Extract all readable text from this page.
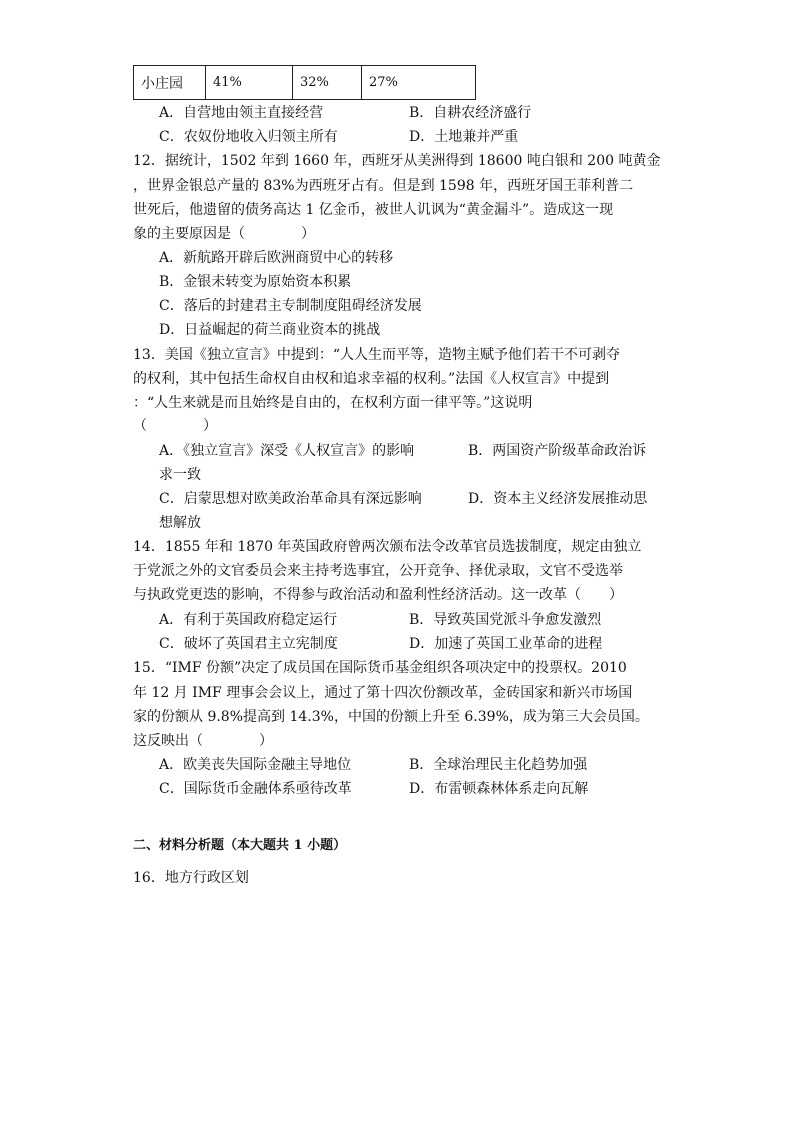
小庄园	41%	32%	27%
A．自营地由领主直接经营	B．自耕农经济盛行
C．农奴份地收入归领主所有	D．土地兼并严重
12．据统计，1502 年到 1660 年，西班牙从美洲得到 18600 吨白银和 200 吨黄金
，世界金银总产量的 83%为西班牙占有。但是到 1598 年，西班牙国王菲利普二
世死后，他遗留的债务高达 1 亿金币，被世人讥讽为“黄金漏斗”。造成这一现
象的主要原因是（　　　　）
A．新航路开辟后欧洲商贸中心的转移
B．金银未转变为原始资本积累
C．落后的封建君主专制制度阻碍经济发展
D．日益崛起的荷兰商业资本的挑战
13．美国《独立宣言》中提到：“人人生而平等，造物主赋予他们若干不可剥夺
的权利，其中包括生命权自由权和追求幸福的权利。”法国《人权宣言》中提到
：“人生来就是而且始终是自由的，在权利方面一律平等。”这说明
（　　　　）
A．《独立宣言》深受《人权宣言》的影响	B．两国资产阶级革命政治诉
求一致
C．启蒙思想对欧美政治革命具有深远影响	D．资本主义经济发展推动思
想解放
14．1855 年和 1870 年英国政府曾两次颁布法令改革官员选拔制度，规定由独立
于党派之外的文官委员会来主持考选事宜，公开竞争、择优录取，文官不受选举
与执政党更迭的影响，不得参与政治活动和盈利性经济活动。这一改革（　　）
A．有利于英国政府稳定运行	B．导致英国党派斗争愈发激烈
C．破坏了英国君主立宪制度	D．加速了英国工业革命的进程
15．“IMF 份额”决定了成员国在国际货币基金组织各项决定中的投票权。2010
年 12 月 IMF 理事会会议上，通过了第十四次份额改革，金砖国家和新兴市场国
家的份额从 9.8%提高到 14.3%，中国的份额上升至 6.39%，成为第三大会员国。
这反映出（　　　　）
A．欧美丧失国际金融主导地位	B．全球治理民主化趋势加强
C．国际货币金融体系亟待改革	D．布雷顿森林体系走向瓦解
二、材料分析题（本大题共 1 小题）
16．地方行政区划
